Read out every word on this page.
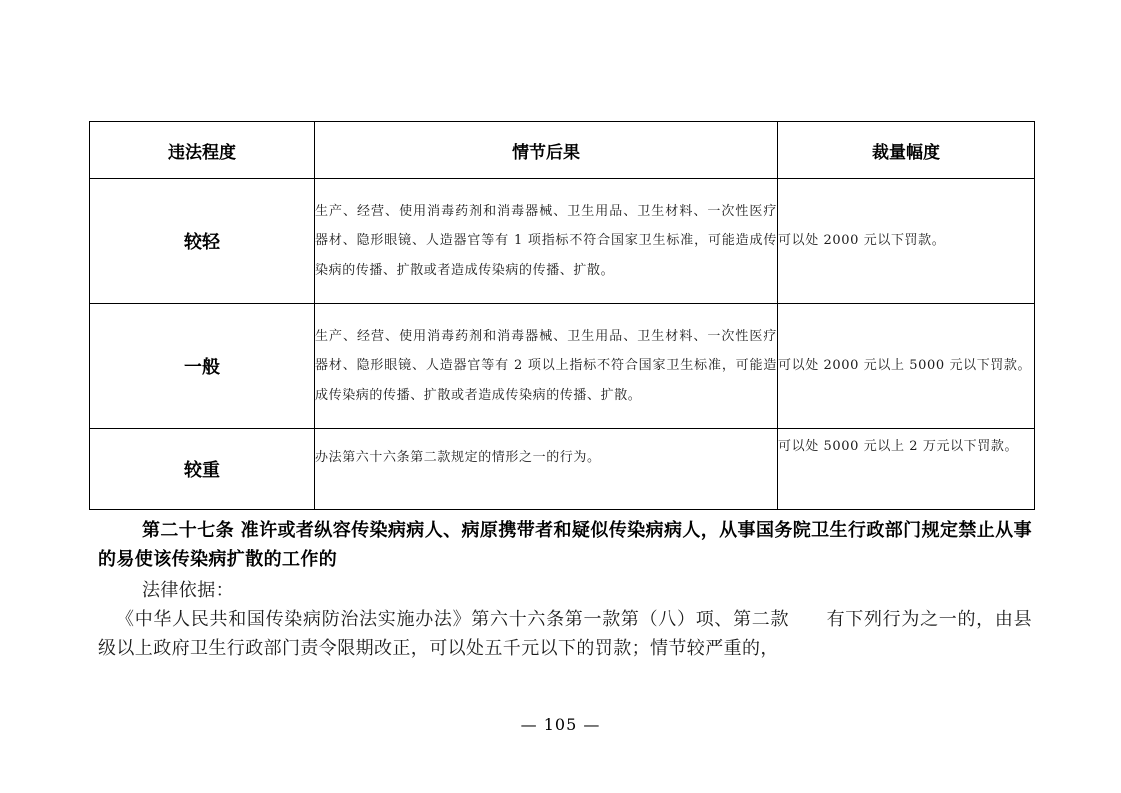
违法程度	情节后果	裁量幅度
较轻	生产、经营、使用消毒药剂和消毒器械、卫生用品、卫生材料、一次性医疗器材、隐形眼镜、人造器官等有 1 项指标不符合国家卫生标准，可能造成传染病的传播、扩散或者造成传染病的传播、扩散。	可以处 2000 元以下罚款。
一般	生产、经营、使用消毒药剂和消毒器械、卫生用品、卫生材料、一次性医疗器材、隐形眼镜、人造器官等有 2 项以上指标不符合国家卫生标准，可能造成传染病的传播、扩散或者造成传染病的传播、扩散。	可以处 2000 元以上 5000 元以下罚款。
较重	办法第六十六条第二款规定的情形之一的行为。	可以处 5000 元以上 2 万元以下罚款。
第二十七条 准许或者纵容传染病病人、病原携带者和疑似传染病病人，从事国务院卫生行政部门规定禁止从事的易使该传染病扩散的工作的
法律依据：
《中华人民共和国传染病防治法实施办法》第六十六条第一款第（八）项、第二款　　有下列行为之一的，由县级以上政府卫生行政部门责令限期改正，可以处五千元以下的罚款；情节较严重的，
— 105 —
